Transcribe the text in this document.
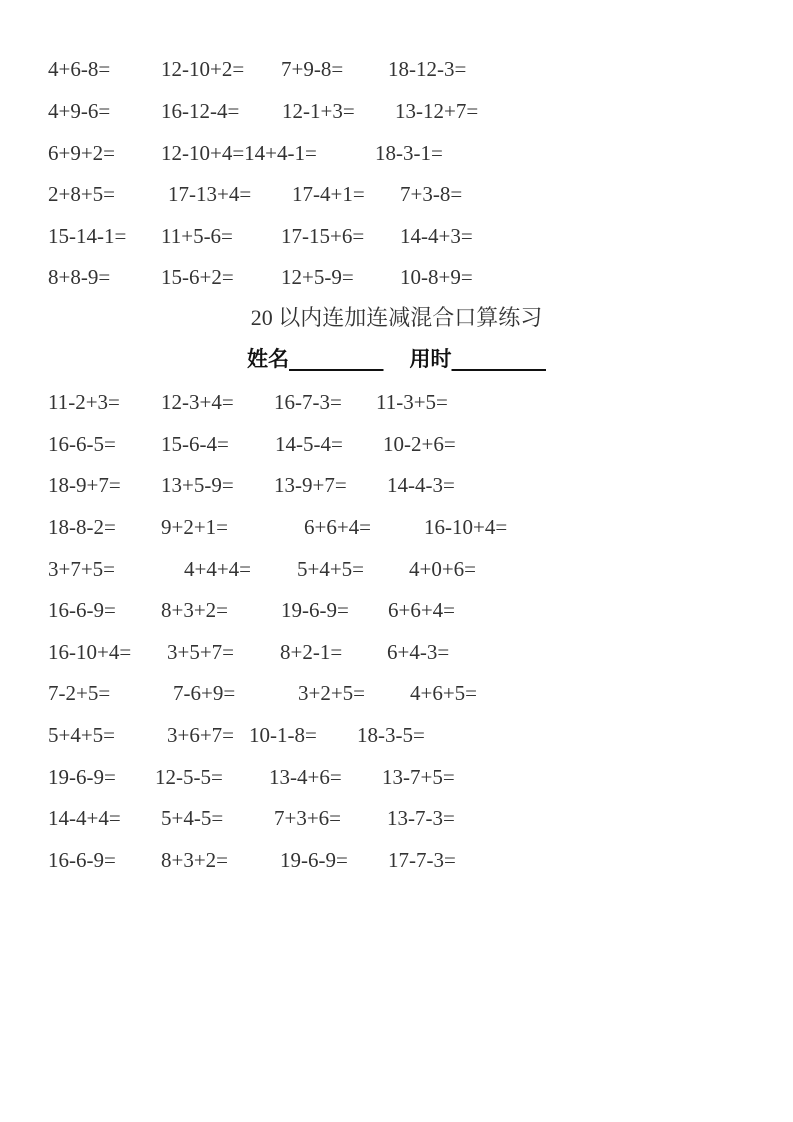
4+6-8= 12-10+2= 7+9-8= 18-12-3=
4+9-6= 16-12-4= 12-1+3= 13-12+7=
6+9+2= 12-10+4=14+4-1=	18-3-1=
2+8+5=	17-13+4= 17-4+1= 7+3-8=
15-14-1= 11+5-6= 17-15+6= 14-4+3=
8+8-9= 15-6+2= 12+5-9= 10-8+9=
20 以内连加连减混合口算练习
姓名_________ 用时_________
11-2+3= 12-3+4= 16-7-3= 11-3+5=
16-6-5= 15-6-4= 14-5-4= 10-2+6=
18-9+7= 13+5-9= 13-9+7= 14-4-3=
18-8-2= 9+2+1=	6+6+4=	16-10+4=
3+7+5=	4+4+4= 5+4+5= 4+0+6=
16-6-9= 8+3+2=	19-6-9= 6+6+4=
16-10+4= 3+5+7= 8+2-1= 6+4-3=
7-2+5=	7-6+9=	3+2+5= 4+6+5=
5+4+5= 3+6+7= 10-1-8= 18-3-5=
19-6-9= 12-5-5= 13-4+6= 13-7+5=
14-4+4= 5+4-5= 7+3+6= 13-7-3=
16-6-9= 8+3+2= 19-6-9= 17-7-3=
